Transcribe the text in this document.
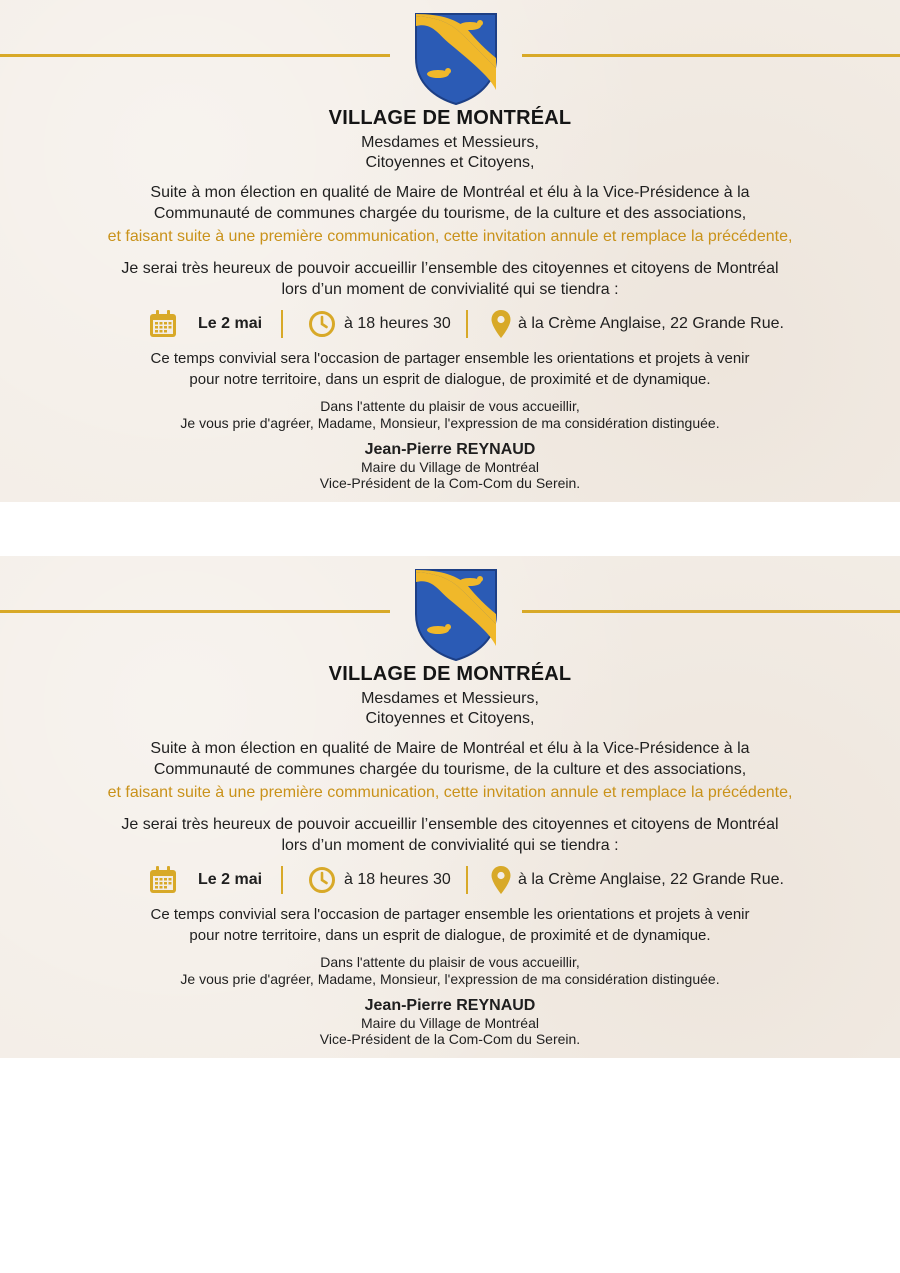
VILLAGE DE MONTRÉAL
Mesdames et Messieurs,
Citoyennes et Citoyens,
Suite à mon élection en qualité de Maire de Montréal et élu à la Vice-Présidence à la
Communauté de communes chargée du tourisme, de la culture et des associations,
et faisant suite à une première communication, cette invitation annule et remplace la précédente,
Je serai très heureux de pouvoir accueillir l’ensemble des citoyennes et citoyens de Montréal
lors d’un moment de convivialité qui se tiendra :
Le 2 mai	à 18 heures 30	à la Crème Anglaise, 22 Grande Rue.
Ce temps convivial sera l'occasion de partager ensemble les orientations et projets à venir
pour notre territoire, dans un esprit de dialogue, de proximité et de dynamique.
Dans l'attente du plaisir de vous accueillir,
Je vous prie d'agréer, Madame, Monsieur, l'expression de ma considération distinguée.
Jean-Pierre REYNAUD
Maire du Village de Montréal
Vice-Président de la Com-Com du Serein.
VILLAGE DE MONTRÉAL
Mesdames et Messieurs,
Citoyennes et Citoyens,
Suite à mon élection en qualité de Maire de Montréal et élu à la Vice-Présidence à la
Communauté de communes chargée du tourisme, de la culture et des associations,
et faisant suite à une première communication, cette invitation annule et remplace la précédente,
Je serai très heureux de pouvoir accueillir l’ensemble des citoyennes et citoyens de Montréal
lors d’un moment de convivialité qui se tiendra :
Le 2 mai	à 18 heures 30	à la Crème Anglaise, 22 Grande Rue.
Ce temps convivial sera l'occasion de partager ensemble les orientations et projets à venir
pour notre territoire, dans un esprit de dialogue, de proximité et de dynamique.
Dans l'attente du plaisir de vous accueillir,
Je vous prie d'agréer, Madame, Monsieur, l'expression de ma considération distinguée.
Jean-Pierre REYNAUD
Maire du Village de Montréal
Vice-Président de la Com-Com du Serein.
